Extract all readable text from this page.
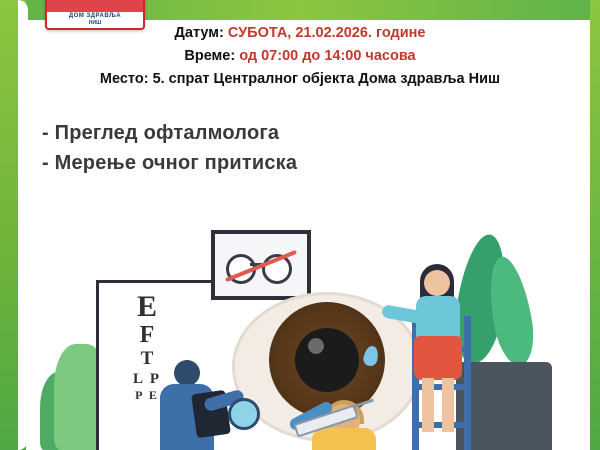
ДОМ ЗДРАВЉА
НИШ
Датум: СУБОТА, 21.02.2026. године
Време: од 07:00 до 14:00 часова
Место: 5. спрат Централног објекта Дома здравља Ниш
- Преглед офталмолога
- Мерење очног притиска
E
F
T
L P
P E
